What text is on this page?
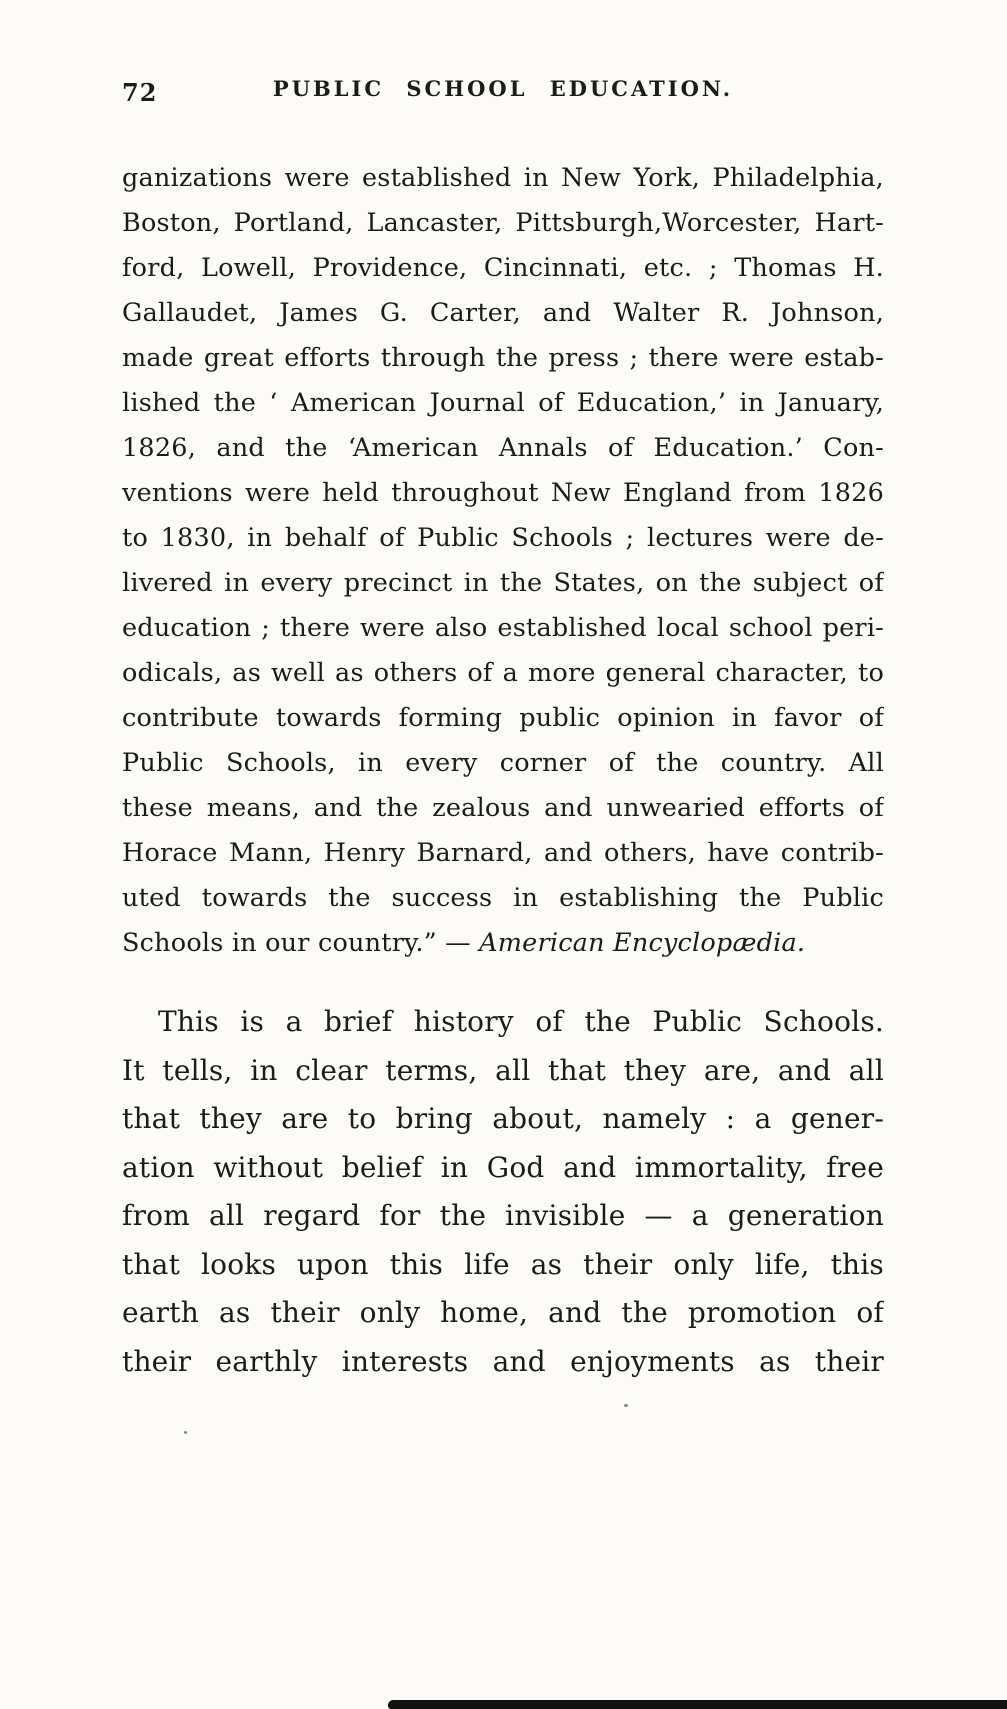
72	PUBLIC SCHOOL EDUCATION.
ganizations were established in New York, Philadelphia,
Boston, Portland, Lancaster, Pittsburgh,Worcester, Hart-
ford, Lowell, Providence, Cincinnati, etc. ; Thomas H.
Gallaudet, James G. Carter, and Walter R. Johnson,
made great efforts through the press ; there were estab-
lished the ‘ American Journal of Education,’ in January,
1826, and the ‘American Annals of Education.’ Con-
ventions were held throughout New England from 1826
to 1830, in behalf of Public Schools ; lectures were de-
livered in every precinct in the States, on the subject of
education ; there were also established local school peri-
odicals, as well as others of a more general character, to
contribute towards forming public opinion in favor of
Public Schools, in every corner of the country. All
these means, and the zealous and unwearied efforts of
Horace Mann, Henry Barnard, and others, have contrib-
uted towards the success in establishing the Public
Schools in our country.” — American Encyclopædia.
This is a brief history of the Public Schools.
It tells, in clear terms, all that they are, and all
that they are to bring about, namely : a gener-
ation without belief in God and immortality, free
from all regard for the invisible — a generation
that looks upon this life as their only life, this
earth as their only home, and the promotion of
their earthly interests and enjoyments as their
